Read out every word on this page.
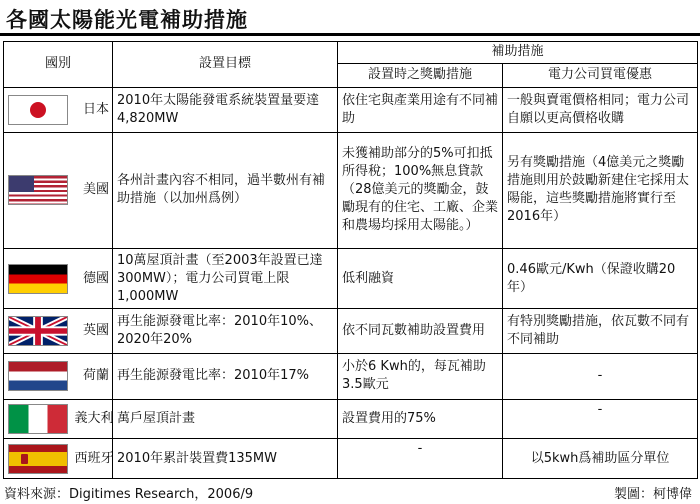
各國太陽能光電補助措施
國別		設置目標	補助措施	
			設置時之獎勵措施	電力公司買電優惠

	日本	2010年太陽能發電系統裝置量要達4,820MW	依住宅與產業用途有不同補助	一般與賣電價格相同；電力公司自願以更高價格收購

	美國	各州計畫內容不相同，過半數州有補助措施（以加州爲例）	未獲補助部分的5%可扣抵所得稅；100%無息貸款（28億美元的獎勵金，鼓勵現有的住宅、工廠、企業和農場均採用太陽能。）	另有獎勵措施（4億美元之獎勵措施則用於鼓勵新建住宅採用太陽能，這些獎勵措施將實行至2016年）
	德國	10萬屋頂計畫（至2003年設置已達300MW）；電力公司買電上限1,000MW	低利融資	0.46歐元/Kwh（保證收購20年）

	英國	再生能源發電比率：2010年10%、2020年20%	依不同瓦數補助設置費用	有特別獎勵措施，依瓦數不同有不同補助
	荷蘭	再生能源發電比率：2010年17%	小於6 Kwh的，每瓦補助3.5歐元	-
	義大利	萬戶屋頂計畫	設置費用的75%	-

	西班牙	2010年累計裝置費135MW	-	以5kwh爲補助區分單位
資料來源：Digitimes Research，2006/9	製圖：柯博偉
